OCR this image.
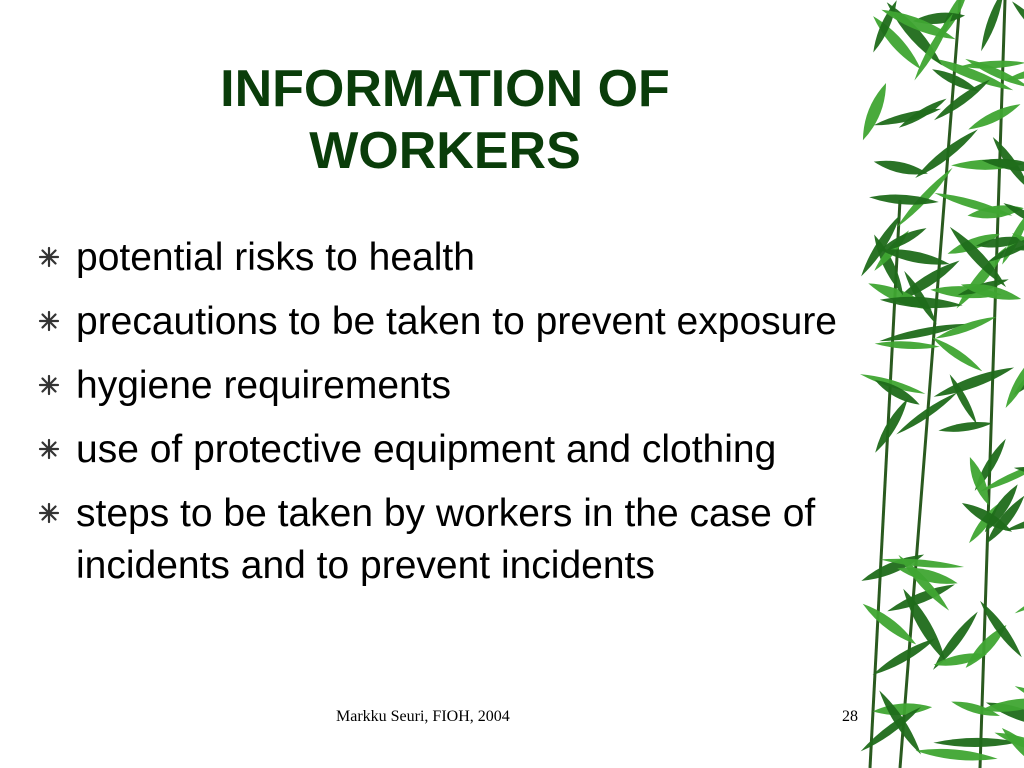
INFORMATION OF
WORKERS
potential risks to health
precautions to be taken to prevent exposure
hygiene requirements
use of protective equipment and clothing
steps to be taken by workers in the case of incidents and to prevent incidents
Markku Seuri, FIOH, 2004	28
